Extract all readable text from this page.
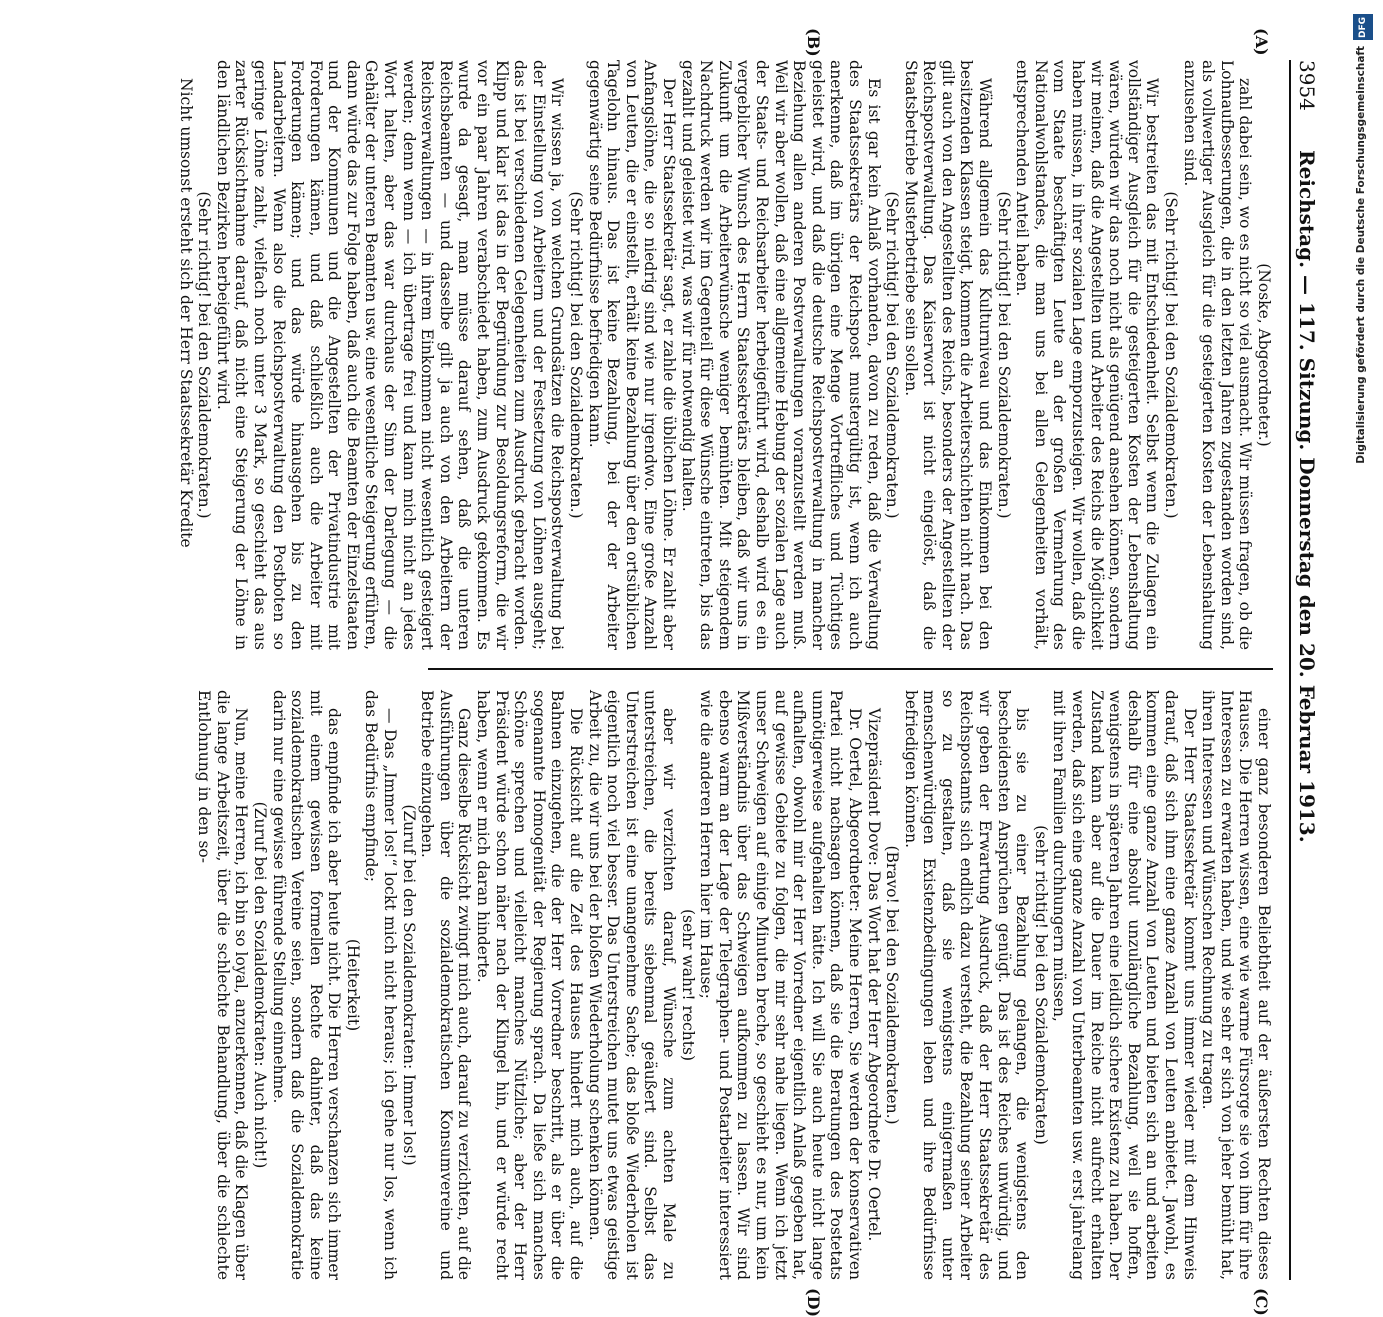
3954
Reichstag. — 117. Sitzung. Donnerstag den 20. Februar 1913.
(A)
(B)
(C)
(D)

(Noske, Abgeordneter.)

zahl dabei sein, wo es nicht so viel ausmacht. Wir müssen fragen, ob die Lohnaufbesserungen, die in den letzten Jahren zugestanden worden sind, als vollwertiger Ausgleich für die gesteigerten Kosten der Lebenshaltung anzusehen sind.

(Sehr richtig! bei den Sozialdemokraten.)

Wir bestreiten das mit Entschiedenheit. Selbst wenn die Zulagen ein vollständiger Ausgleich für die gesteigerten Kosten der Lebenshaltung wären, würden wir das noch nicht als genügend ansehen können, sondern wir meinen, daß die Angestellten und Arbeiter des Reichs die Möglichkeit haben müssen, in ihrer sozialen Lage emporzusteigen. Wir wollen, daß die vom Staate beschäftigten Leute an der großen Vermehrung des Nationalwohlstandes, die man uns bei allen Gelegenheiten vorhält, entsprechenden Anteil haben.

(Sehr richtig! bei den Sozialdemokraten.)

Während allgemein das Kulturniveau und das Einkommen bei den besitzenden Klassen steigt, kommen die Arbeiterschichten nicht nach. Das gilt auch von den Angestellten des Reichs, besonders der Angestellten der Reichspostverwaltung. Das Kaiserwort ist nicht eingelöst, daß die Staatsbetriebe Musterbetriebe sein sollen.

(Sehr richtig! bei den Sozialdemokraten.)

Es ist gar kein Anlaß vorhanden, davon zu reden, daß die Verwaltung des Staatssekretärs der Reichspost mustergültig ist, wenn ich auch anerkenne, daß im übrigen eine Menge Vortreffliches und Tüchtiges geleistet wird, und daß die deutsche Reichspostverwaltung in mancher Beziehung allen anderen Postverwaltungen voranzustellt werden muß. Weil wir aber wollen, daß eine allgemeine Hebung der sozialen Lage auch der Staats- und Reichsarbeiter herbeigeführt wird, deshalb wird es ein vergeblicher Wunsch des Herrn Staatssekretärs bleiben, daß wir uns in Zukunft um die Arbeiterwünsche weniger bemühten. Mit steigendem Nachdruck werden wir im Gegenteil für diese Wünsche eintreten, bis das gezahlt und geleistet wird, was wir für notwendig halten.

Der Herr Staatssekretär sagt, er zahle die üblichen Löhne. Er zahlt aber Anfangslöhne, die so niedrig sind wie nur irgendwo. Eine große Anzahl von Leuten, die er einstellt, erhält keine Bezahlung über den ortsüblichen Tagelohn hinaus. Das ist keine Bezahlung, bei der der Arbeiter gegenwärtig seine Bedürfnisse befriedigen kann.

(Sehr richtig! bei den Sozialdemokraten.)

Wir wissen ja, von welchen Grundsätzen die Reichspostverwaltung bei der Einstellung von Arbeitern und der Festsetzung von Löhnen ausgeht; das ist bei verschiedenen Gelegenheiten zum Ausdruck gebracht worden. Klipp und klar ist das in der Begründung zur Besoldungsreform, die wir vor ein paar Jahren verabschiedet haben, zum Ausdruck gekommen. Es wurde da gesagt, man müsse darauf sehen, daß die unteren Reichsbeamten — und dasselbe gilt ja auch von den Arbeitern der Reichsverwaltungen — in ihrem Einkommen nicht wesentlich gesteigert werden; denn wenn — ich übertrage frei und kann mich nicht an jedes Wort halten, aber das war durchaus der Sinn der Darlegung — die Gehälter der unteren Beamten usw. eine wesentliche Steigerung erführen, dann würde das zur Folge haben, daß auch die Beamten der Einzelstaaten und der Kommunen und die Angestellten der Privatindustrie mit Forderungen kämen, und daß schließlich auch die Arbeiter mit Forderungen kämen; und das würde hinausgehen bis zu den Landarbeitern. Wenn also die Reichspostverwaltung den Postboten so geringe Löhne zahlt, vielfach noch unter 3 Mark, so geschieht das aus zarter Rücksichtnahme darauf, daß nicht eine Steigerung der Löhne in den ländlichen Bezirken herbeigeführt wird.

(Sehr richtig! bei den Sozialdemokraten.)

Nicht umsonst ersteht sich der Herr Staatssekretär Kredite

einer ganz besonderen Beliebtheit auf der äußersten Rechten dieses Hauses. Die Herren wissen, eine wie warme Fürsorge sie von ihm für ihre Interessen zu erwarten haben, und wie sehr er sich von jeher bemüht hat, ihren Interessen und Wünschen Rechnung zu tragen.

Der Herr Staatssekretär kommt uns immer wieder mit dem Hinweis darauf, daß sich ihm eine ganze Anzahl von Leuten anbietet. Jawohl, es kommen eine ganze Anzahl von Leuten und bieten sich an und arbeiten deshalb für eine absolut unzulängliche Bezahlung, weil sie hoffen, wenigstens in späteren Jahren eine leidlich sichere Existenz zu haben. Der Zustand kann aber auf die Dauer im Reiche nicht aufrecht erhalten werden, daß sich eine ganze Anzahl von Unterbeamten usw. erst jahrelang mit ihren Familien durchhungern müssen,

(sehr richtig! bei den Sozialdemokraten)

bis sie zu einer Bezahlung gelangen, die wenigstens den bescheidensten Ansprüchen genügt. Das ist des Reiches unwürdig, und wir geben der Erwartung Ausdruck, daß der Herr Staatssekretär des Reichspostamts sich endlich dazu versteht, die Bezahlung seiner Arbeiter so zu gestalten, daß sie wenigstens einigermaßen unter menschenwürdigen Existenzbedingungen leben und ihre Bedürfnisse befriedigen können.

(Bravo! bei den Sozialdemokraten.)

Vizepräsident Dove: Das Wort hat der Herr Abgeordnete Dr. Oertel.

Dr. Oertel, Abgeordneter: Meine Herren, Sie werden der konservativen Partei nicht nachsagen können, daß sie die Beratungen des Postetats unnötigerweise aufgehalten hätte. Ich will Sie auch heute nicht lange aufhalten, obwohl mir der Herr Vorredner eigentlich Anlaß gegeben hat, auf gewisse Gebiete zu folgen, die mir sehr nahe liegen. Wenn ich jetzt unser Schweigen auf einige Minuten breche, so geschieht es nur, um kein Mißverständnis über das Schweigen aufkommen zu lassen. Wir sind ebenso warm an der Lage der Telegraphen- und Postarbeiter interessiert wie die anderen Herren hier im Hause;

(sehr wahr! rechts)

aber wir verzichten darauf, Wünsche zum achten Male zu unterstreichen, die bereits siebenmal geäußert sind. Selbst das Unterstreichen ist eine unangenehme Sache; das bloße Wiederholen ist eigentlich noch viel besser. Das Unterstreichen mutet uns etwas geistige Arbeit zu, die wir uns bei der bloßen Wiederholung schenken können.

Die Rücksicht auf die Zeit des Hauses hindert mich auch, auf die Bahnen einzugehen, die der Herr Vorredner beschritt, als er über die sogenannte Homogenität der Regierung sprach. Da ließe sich manches Schöne sprechen und vielleicht manches Nützliche; aber der Herr Präsident würde schon näher nach der Klingel hin, und er würde recht haben, wenn er mich daran hinderte.

Ganz dieselbe Rücksicht zwingt mich auch, darauf zu verzichten, auf die Ausführungen über die sozialdemokratischen Konsumvereine und Betriebe einzugehen.

(Zuruf bei den Sozialdemokraten: Immer los!)

— Das „Immer los!“ lockt mich nicht heraus; ich gehe nur los, wenn ich das Bedürfnis empfinde;

(Heiterkeit)

das empfinde ich aber heute nicht. Die Herren verschanzen sich immer mit einem gewissen formellen Rechte dahinter, daß das keine sozialdemokratischen Vereine seien, sondern daß die Sozialdemokratie darin nur eine gewisse führende Stellung einnehme.

(Zuruf bei den Sozialdemokraten: Auch nicht!)

Nun, meine Herren, ich bin so loyal, anzuerkennen, daß die Klagen über die lange Arbeitszeit, über die schlechte Behandlung, über die schlechte Entlohnung in den so-

DFG
Digitalisierung gefördert durch die Deutsche Forschungsgemeinschaft
